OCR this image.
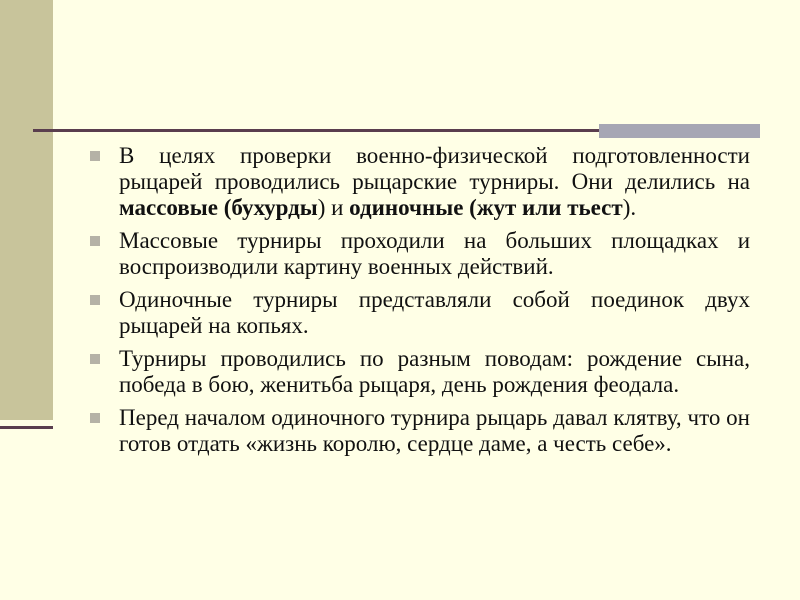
В целях проверки военно-физической подготовленности рыцарей проводились рыцарские турниры. Они делились на массовые (бухурды) и одиночные (жут или тьест).
Массовые турниры проходили на больших площадках и воспроизводили картину военных действий.
Одиночные турниры представляли собой поединок двух рыцарей на копьях.
Турниры проводились по разным поводам: рождение сына, победа в бою, женитьба рыцаря, день рождения феодала.
Перед началом одиночного турнира рыцарь давал клятву, что он готов отдать «жизнь королю, сердце даме, а честь себе».
